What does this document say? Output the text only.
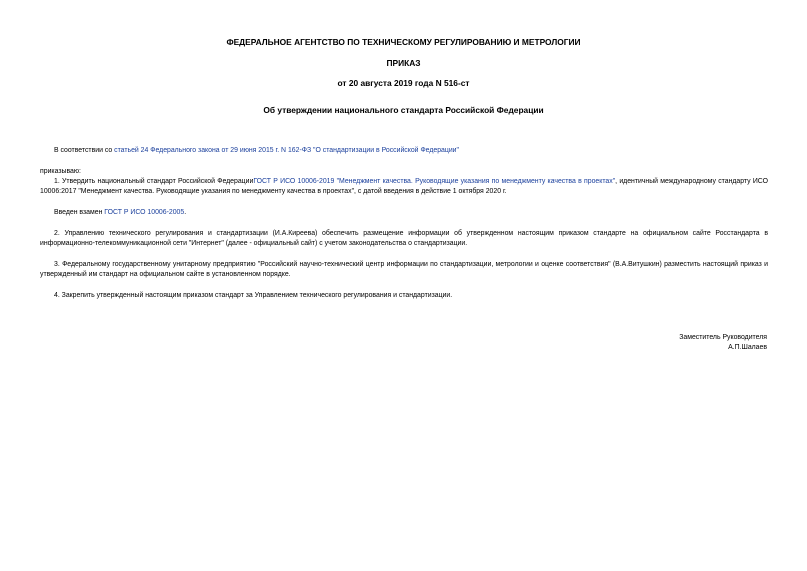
ФЕДЕРАЛЬНОЕ АГЕНТСТВО ПО ТЕХНИЧЕСКОМУ РЕГУЛИРОВАНИЮ И МЕТРОЛОГИИ
ПРИКАЗ
от 20 августа 2019 года N 516-ст
Об утверждении национального стандарта Российской Федерации
В соответствии со статьей 24 Федерального закона от 29 июня 2015 г. N 162-ФЗ "О стандартизации в Российской Федерации"
приказываю:
1. Утвердить национальный стандарт Российской ФедерацииГОСТ Р ИСО 10006-2019 "Менеджмент качества. Руководящие указания по менеджменту качества в проектах", идентичный международному стандарту ИСО 10006:2017 "Менеджмент качества. Руководящие указания по менеджменту качества в проектах", с датой введения в действие 1 октября 2020 г.
Введен взамен ГОСТ Р ИСО 10006-2005.
2. Управлению технического регулирования и стандартизации (И.А.Киреева) обеспечить размещение информации об утвержденном настоящим приказом стандарте на официальном сайте Росстандарта в информационно-телекоммуникационной сети "Интернет" (далее - официальный сайт) с учетом законодательства о стандартизации.
3. Федеральному государственному унитарному предприятию "Российский научно-технический центр информации по стандартизации, метрологии и оценке соответствия" (В.А.Витушкин) разместить настоящий приказ и утвержденный им стандарт на официальном сайте в установленном порядке.
4. Закрепить утвержденный настоящим приказом стандарт за Управлением технического регулирования и стандартизации.
Заместитель Руководителя
А.П.Шалаев
